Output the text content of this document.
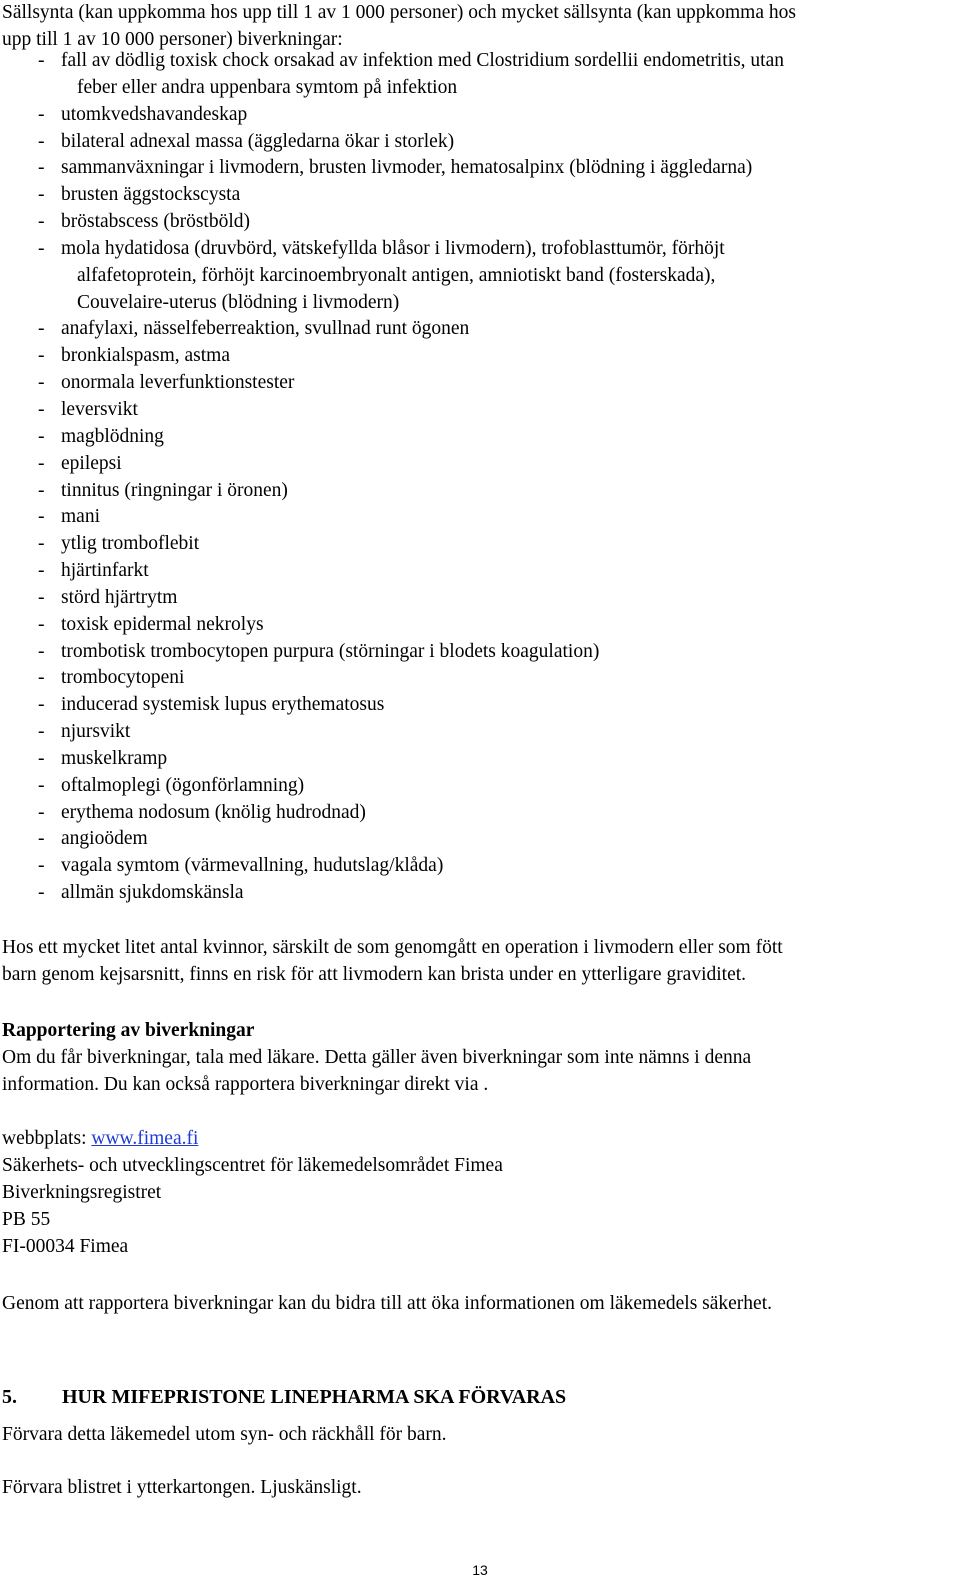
Sällsynta (kan uppkomma hos upp till 1 av 1 000 personer) och mycket sällsynta (kan uppkomma hos
upp till 1 av 10 000 personer) biverkningar:
- fall av dödlig toxisk chock orsakad av infektion med Clostridium sordellii endometritis, utan
feber eller andra uppenbara symtom på infektion
- utomkvedshavandeskap
- bilateral adnexal massa (äggledarna ökar i storlek)
- sammanväxningar i livmodern, brusten livmoder, hematosalpinx (blödning i äggledarna)
- brusten äggstockscysta
- bröstabscess (bröstböld)
- mola hydatidosa (druvbörd, vätskefyllda blåsor i livmodern), trofoblasttumör, förhöjt
alfafetoprotein, förhöjt karcinoembryonalt antigen, amniotiskt band (fosterskada),
Couvelaire-uterus (blödning i livmodern)
- anafylaxi, nässelfeberreaktion, svullnad runt ögonen
- bronkialspasm, astma
- onormala leverfunktionstester
- leversvikt
- magblödning
- epilepsi
- tinnitus (ringningar i öronen)
- mani
- ytlig tromboflebit
- hjärtinfarkt
- störd hjärtrytm
- toxisk epidermal nekrolys
- trombotisk trombocytopen purpura (störningar i blodets koagulation)
- trombocytopeni
- inducerad systemisk lupus erythematosus
- njursvikt
- muskelkramp
- oftalmoplegi (ögonförlamning)
- erythema nodosum (knölig hudrodnad)
- angioödem
- vagala symtom (värmevallning, hudutslag/klåda)
- allmän sjukdomskänsla
Hos ett mycket litet antal kvinnor, särskilt de som genomgått en operation i livmodern eller som fött
barn genom kejsarsnitt, finns en risk för att livmodern kan brista under en ytterligare graviditet.
Rapportering av biverkningar
Om du får biverkningar, tala med läkare. Detta gäller även biverkningar som inte nämns i denna
information. Du kan också rapportera biverkningar direkt via .
webbplats: www.fimea.fi
Säkerhets- och utvecklingscentret för läkemedelsområdet Fimea
Biverkningsregistret
PB 55
FI-00034 Fimea
Genom att rapportera biverkningar kan du bidra till att öka informationen om läkemedels säkerhet.
5. HUR MIFEPRISTONE LINEPHARMA SKA FÖRVARAS
Förvara detta läkemedel utom syn- och räckhåll för barn.
Förvara blistret i ytterkartongen. Ljuskänsligt.
13
